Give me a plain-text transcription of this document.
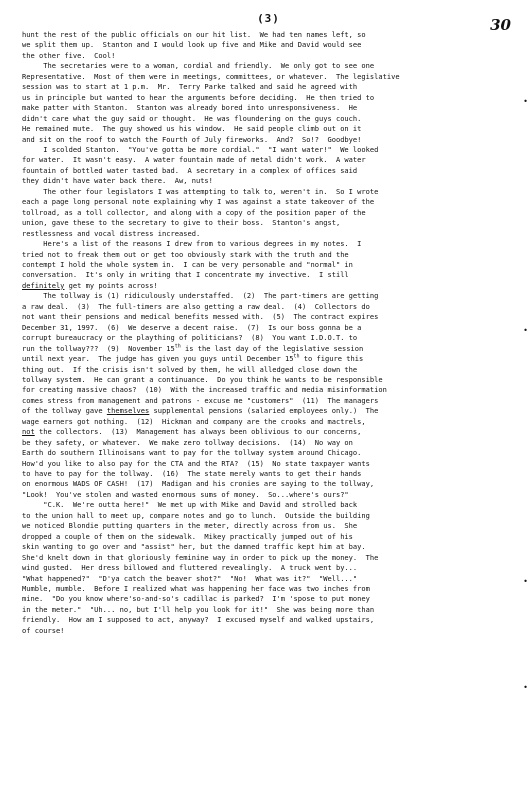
(3)	30

hunt the rest of the public officials on our hit list.  We had ten names left, so

we split them up.  Stanton and I would look up five and Mike and David would see

the other five.  Cool!

The secretaries were to a woman, cordial and friendly.  We only got to see one

Representative.  Most of them were in meetings, committees, or whatever.  The legislative

session was to start at 1 p.m.  Mr.  Terry Parke talked and said he agreed with

us in principle but wanted to hear the arguments before deciding.  He then tried to

make patter with Stanton.  Stanton was already bored into unresponsiveness.  He

didn't care what the guy said or thought.  He was floundering on the guys couch.

He remained mute.  The guy showed us his window.  He said people climb out on it

and sit on the roof to watch the Fourth of July fireworks.  And?  So!?  Goodbye!

I scolded Stanton.  "You've gotta be more cordial."  "I want water!"  We looked

for water.  It wasn't easy.  A water fountain made of metal didn't work.  A water

fountain of bottled water tasted bad.  A secretary in a complex of offices said

they didn't have water back there.  Aw, nuts!

The other four legislators I was attempting to talk to, weren't in.  So I wrote

each a page long personal note explaining why I was against a state takeover of the

tollroad, as a toll collector, and along with a copy of the position paper of the

union, gave these to the secretary to give to their boss.  Stanton's angst,

restlessness and vocal distress increased.

Here's a list of the reasons I drew from to various degrees in my notes.  I

tried not to freak them out or get too obviously stark with the truth and the

contempt I hold the whole system in.  I can be very personable and "normal" in

conversation.  It's only in writing that I concentrate my invective.  I still

definitely get my points across!

The tollway is (1) ridiculously understaffed.  (2)  The part-timers are getting

a raw deal.  (3)  The full-timers are also getting a raw deal.  (4)  Collectors do

not want their pensions and medical benefits messed with.  (5)  The contract expires

December 31, 1997.  (6)  We deserve a decent raise.  (7)  Is our boss gonna be a

corrupt bureaucracy or the plaything of politicians?  (8)  You want I.D.O.T. to

run the tollway???  (9)  November 15th is the last day of the legislative session

until next year.  The judge has given you guys until December 15th to figure this

thing out.  If the crisis isn't solved by them, he will alledged close down the

tollway system.  He can grant a continuance.  Do you think he wants to be responsible

for creating massive chaos?  (10)  With the increased traffic and media misinformation

comes stress from management and patrons - excuse me "customers"  (11)  The managers

of the tollway gave themselves supplemental pensions (salaried employees only.)  The

wage earners got nothing.  (12)  Hickman and company are the crooks and mactrels,

not the collectors.  (13)  Management has always been oblivious to our concerns,

be they safety, or whatever.  We make zero tollway decisions.  (14)  No way on

Earth do southern Illinoisans want to pay for the tollway system around Chicago.

How'd you like to also pay for the CTA and the RTA?  (15)  No state taxpayer wants

to have to pay for the tollway.  (16)  The state merely wants to get their hands

on enormous WADS OF CASH!  (17)  Madigan and his cronies are saying to the tollway,

"Look!  You've stolen and wasted enormous sums of money.  So...where's ours?"

"C.K.  We're outta here!"  We met up with Mike and David and strolled back

to the union hall to meet up, compare notes and go to lunch.  Outside the building

we noticed Blondie putting quarters in the meter, directly across from us.  She

dropped a couple of them on the sidewalk.  Mikey practically jumped out of his

skin wanting to go over and "assist" her, but the damned traffic kept him at bay.

She'd knelt down in that gloriously feminine way in order to pick up the money.  The

wind gusted.  Her dress billowed and fluttered revealingly.  A truck went by...

"What happened?"  "D'ya catch the beaver shot?"  "No!  What was it?"  "Well..."

Mumble, mumble.  Before I realized what was happening her face was two inches from

mine.  "Do you know where'so-and-so's cadillac is parked?  I'm 'spose to put money

in the meter."  "Uh... no, but I'll help you look for it!"  She was being more than

friendly.  How am I supposed to act, anyway?  I excused myself and walked upstairs,

of course!

•
•
•
•
